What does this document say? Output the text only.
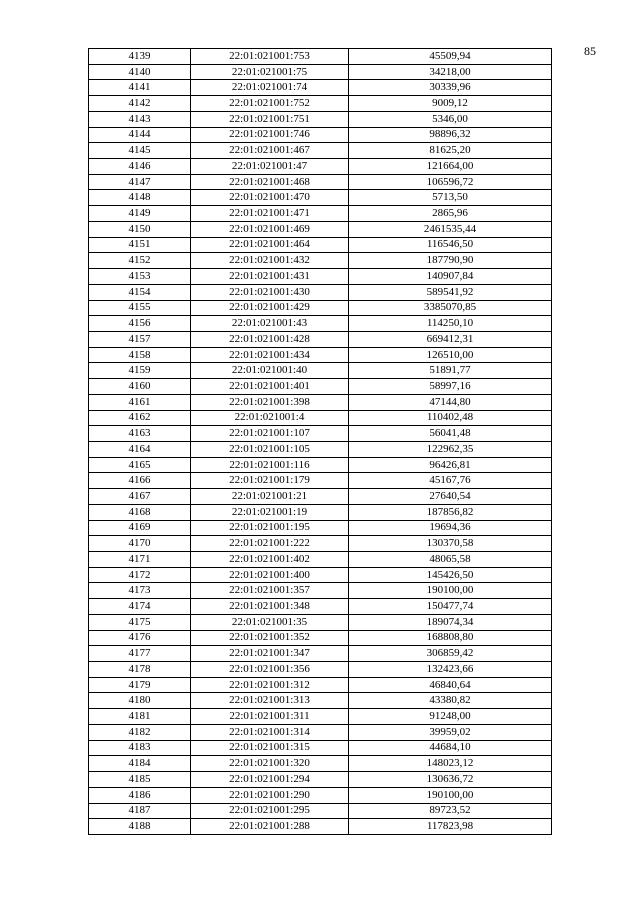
85
4139	22:01:021001:753	45509,94
4140	22:01:021001:75	34218,00
4141	22:01:021001:74	30339,96
4142	22:01:021001:752	9009,12
4143	22:01:021001:751	5346,00
4144	22:01:021001:746	98896,32
4145	22:01:021001:467	81625,20
4146	22:01:021001:47	121664,00
4147	22:01:021001:468	106596,72
4148	22:01:021001:470	5713,50
4149	22:01:021001:471	2865,96
4150	22:01:021001:469	2461535,44
4151	22:01:021001:464	116546,50
4152	22:01:021001:432	187790,90
4153	22:01:021001:431	140907,84
4154	22:01:021001:430	589541,92
4155	22:01:021001:429	3385070,85
4156	22:01:021001:43	114250,10
4157	22:01:021001:428	669412,31
4158	22:01:021001:434	126510,00
4159	22:01:021001:40	51891,77
4160	22:01:021001:401	58997,16
4161	22:01:021001:398	47144,80
4162	22:01:021001:4	110402,48
4163	22:01:021001:107	56041,48
4164	22:01:021001:105	122962,35
4165	22:01:021001:116	96426,81
4166	22:01:021001:179	45167,76
4167	22:01:021001:21	27640,54
4168	22:01:021001:19	187856,82
4169	22:01:021001:195	19694,36
4170	22:01:021001:222	130370,58
4171	22:01:021001:402	48065,58
4172	22:01:021001:400	145426,50
4173	22:01:021001:357	190100,00
4174	22:01:021001:348	150477,74
4175	22:01:021001:35	189074,34
4176	22:01:021001:352	168808,80
4177	22:01:021001:347	306859,42
4178	22:01:021001:356	132423,66
4179	22:01:021001:312	46840,64
4180	22:01:021001:313	43380,82
4181	22:01:021001:311	91248,00
4182	22:01:021001:314	39959,02
4183	22:01:021001:315	44684,10
4184	22:01:021001:320	148023,12
4185	22:01:021001:294	130636,72
4186	22:01:021001:290	190100,00
4187	22:01:021001:295	89723,52
4188	22:01:021001:288	117823,98
